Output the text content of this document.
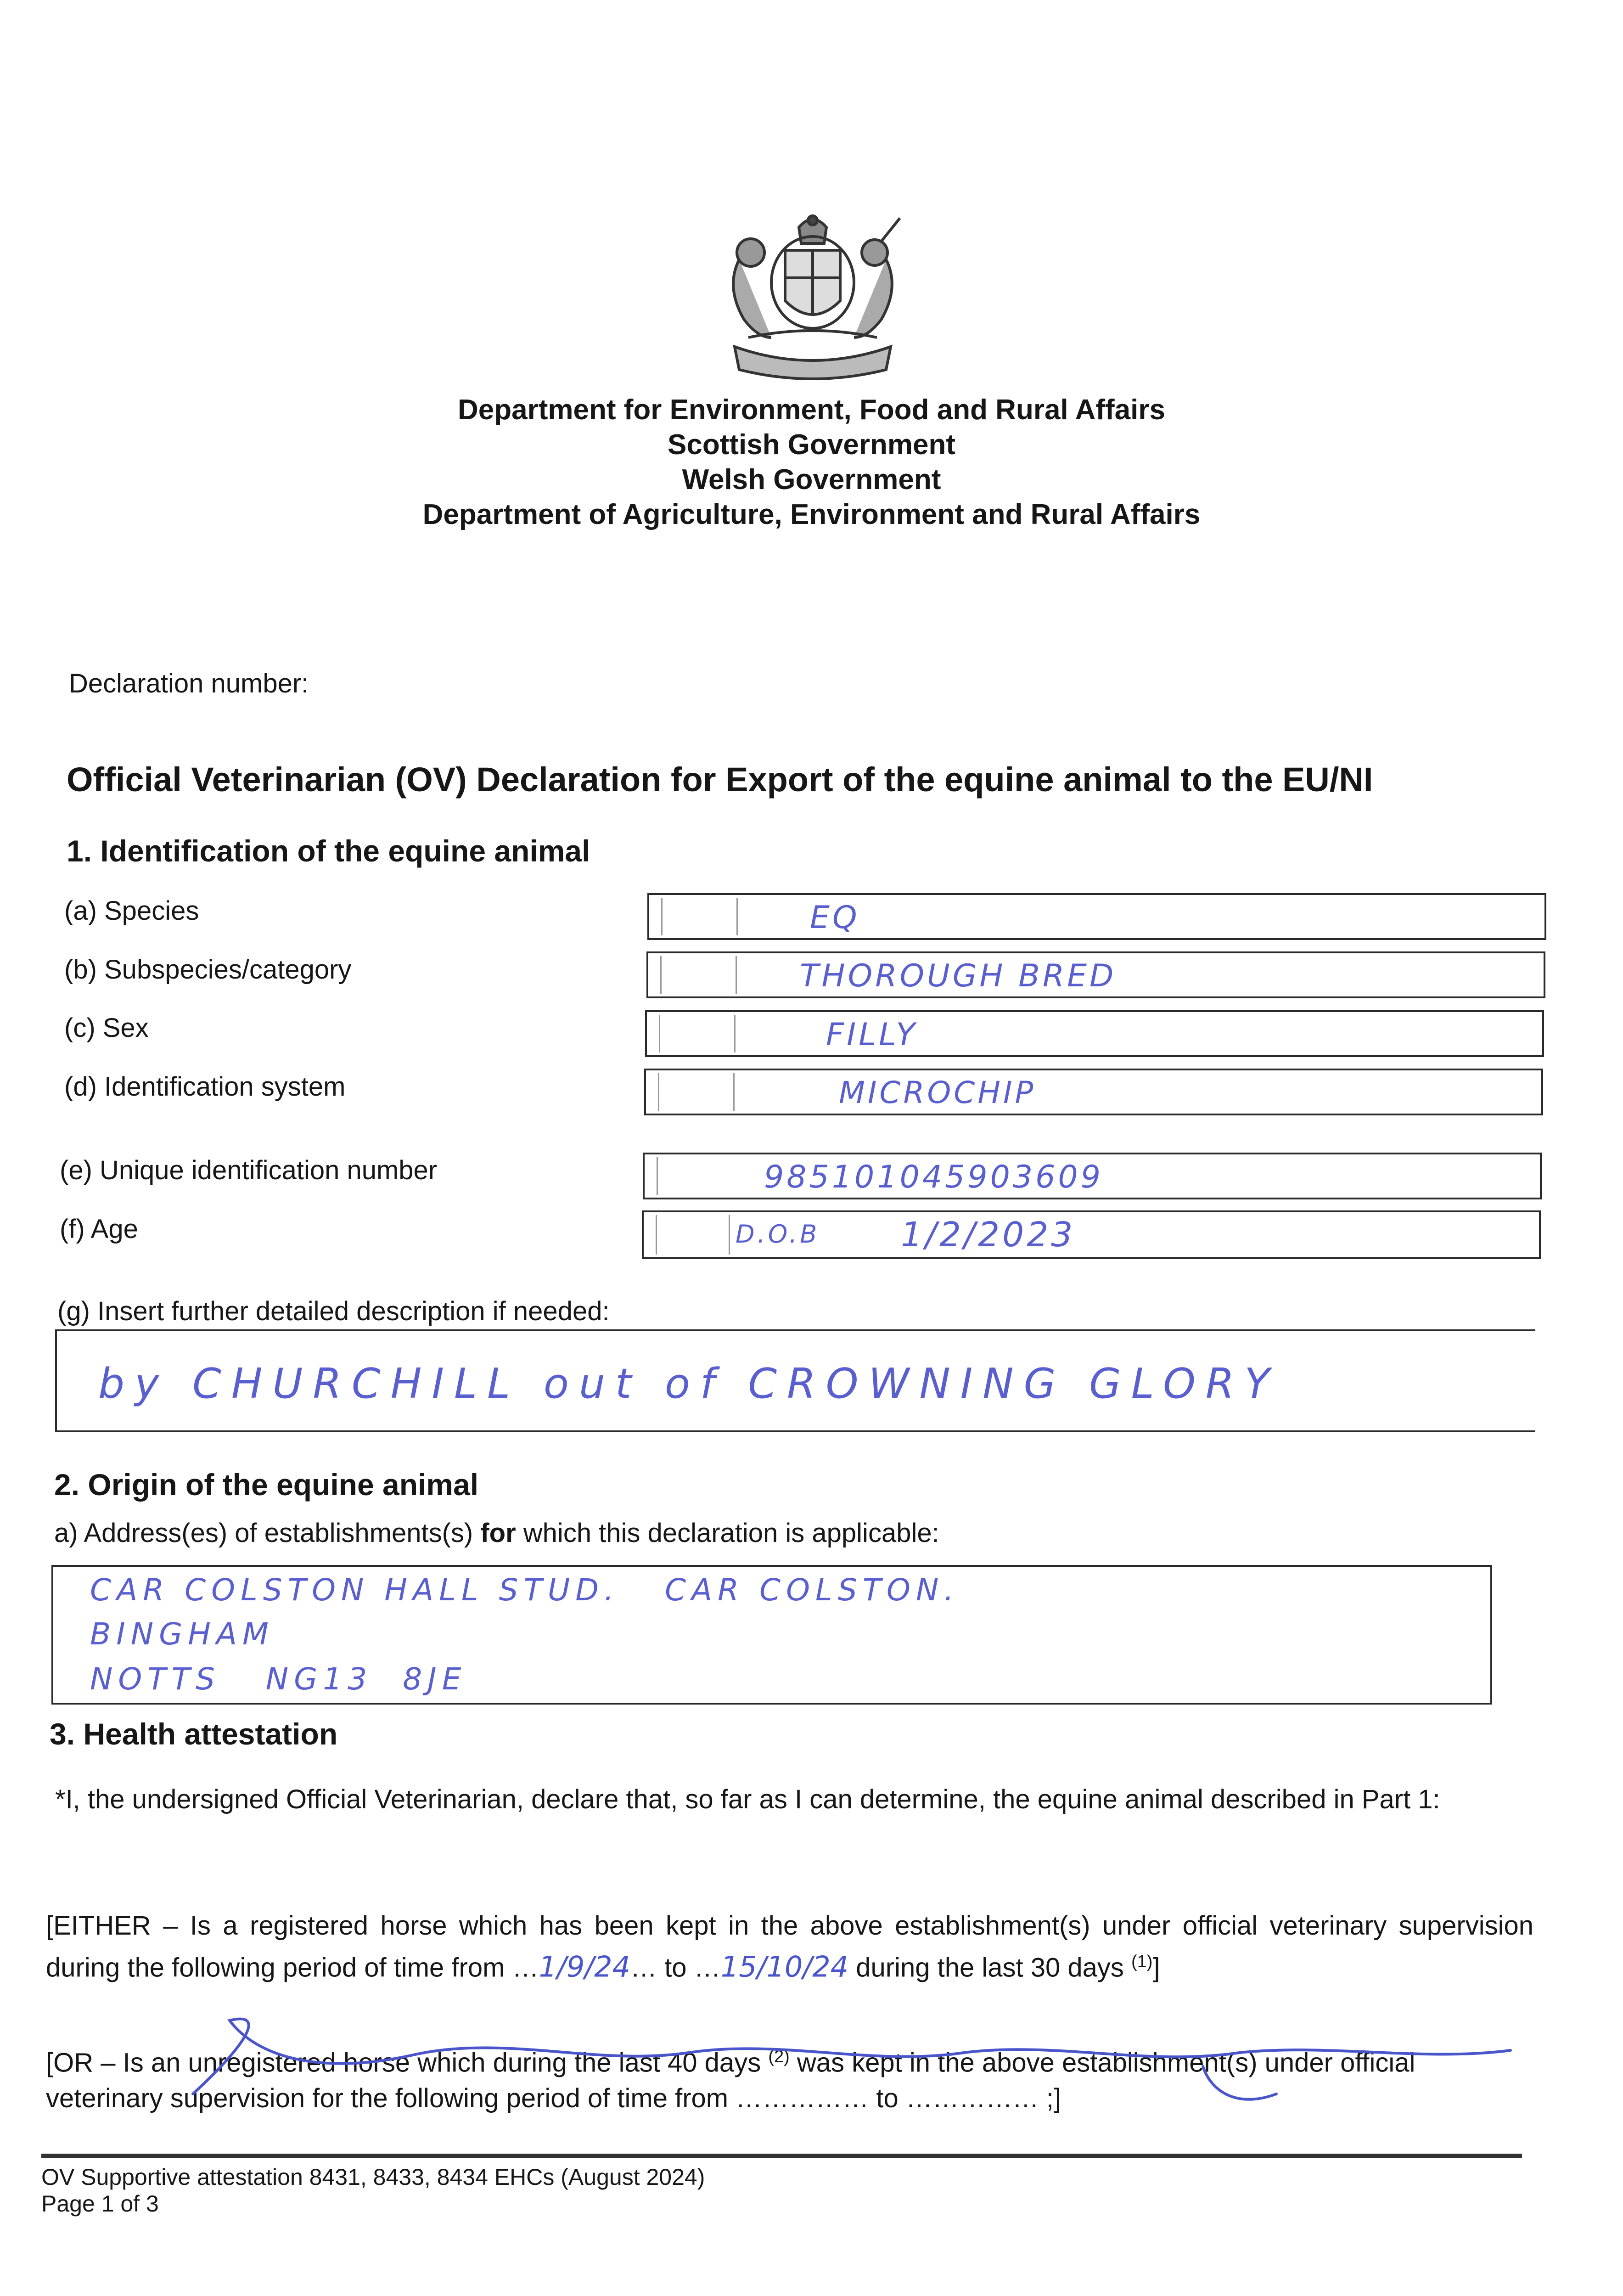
Department for Environment, Food and Rural Affairs
Scottish Government
Welsh Government
Department of Agriculture, Environment and Rural Affairs
Declaration number:
Official Veterinarian (OV) Declaration for Export of the equine animal to the EU/NI
1. Identification of the equine animal
(a) Species	EQ
(b) Subspecies/category	THOROUGH BRED
(c) Sex	FILLY
(d) Identification system	MICROCHIP
(e) Unique identification number	985101045903609
(f) Age	D.O.B 1/2/2023
(g) Insert further detailed description if needed:
by CHURCHILL out of CROWNING GLORY
2. Origin of the equine animal
a) Address(es) of establishments(s) for which this declaration is applicable:
CAR COLSTON HALL STUD.   CAR COLSTON.
BINGHAM
NOTTS   NG13  8JE
3. Health attestation
*I, the undersigned Official Veterinarian, declare that, so far as I can determine, the equine animal described in Part 1:
[EITHER – Is a registered horse which has been kept in the above establishment(s) under official veterinary supervision during the following period of time from …1/9/24… to …15/10/24 during the last 30 days $^{(1)}$]
[OR – Is an unregistered horse which during the last 40 days $^{(2)}$ was kept in the above establishment(s) under official veterinary supervision for the following period of time from …………… to …………… ;]
OV Supportive attestation 8431, 8433, 8434 EHCs (August 2024)
Page 1 of 3
